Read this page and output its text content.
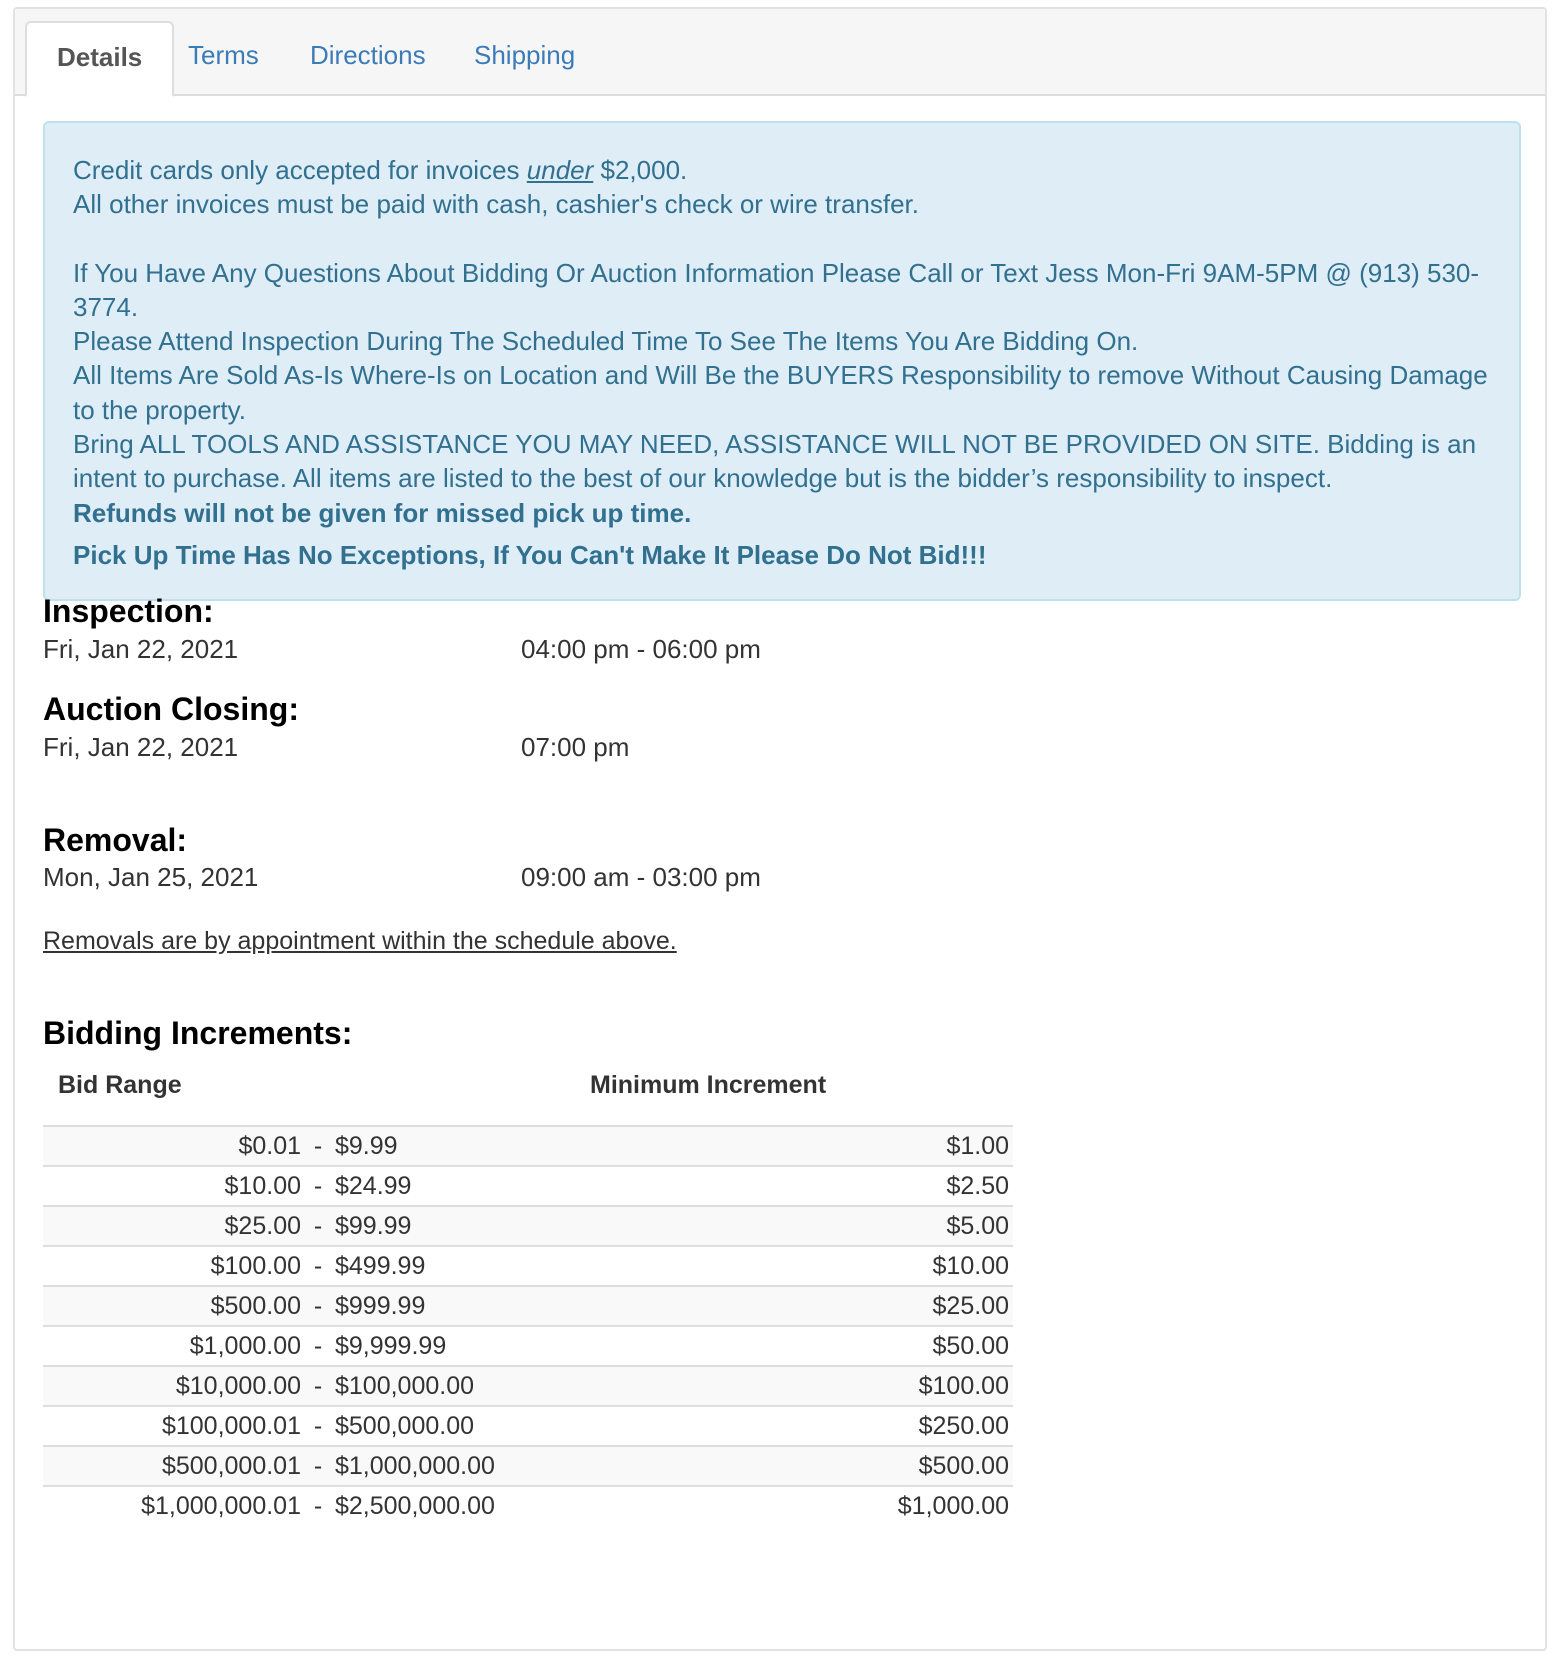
Details	Terms	Directions	Shipping

Credit cards only accepted for invoices under $2,000.

All other invoices must be paid with cash, cashier's check or wire transfer.

If You Have Any Questions About Bidding Or Auction Information Please Call or Text Jess Mon-Fri 9AM-5PM @ (913) 530-3774.

Please Attend Inspection During The Scheduled Time To See The Items You Are Bidding On.

All Items Are Sold As-Is Where-Is on Location and Will Be the BUYERS Responsibility to remove Without Causing Damage to the property.

Bring ALL TOOLS AND ASSISTANCE YOU MAY NEED, ASSISTANCE WILL NOT BE PROVIDED ON SITE. Bidding is an intent to purchase. All items are listed to the best of our knowledge but is the bidder’s responsibility to inspect.

Refunds will not be given for missed pick up time.

Pick Up Time Has No Exceptions, If You Can't Make It Please Do Not Bid!!!

Inspection:
Fri, Jan 22, 2021	04:00 pm - 06:00 pm
Auction Closing:
Fri, Jan 22, 2021	07:00 pm
Removal:
Mon, Jan 25, 2021	09:00 am - 03:00 pm
Removals are by appointment within the schedule above.
Bidding Increments:
Bid Range			Minimum Increment
$0.01	-	$9.99	$1.00
$10.00	-	$24.99	$2.50
$25.00	-	$99.99	$5.00
$100.00	-	$499.99	$10.00
$500.00	-	$999.99	$25.00
$1,000.00	-	$9,999.99	$50.00
$10,000.00	-	$100,000.00	$100.00
$100,000.01	-	$500,000.00	$250.00
$500,000.01	-	$1,000,000.00	$500.00
$1,000,000.01	-	$2,500,000.00	$1,000.00
